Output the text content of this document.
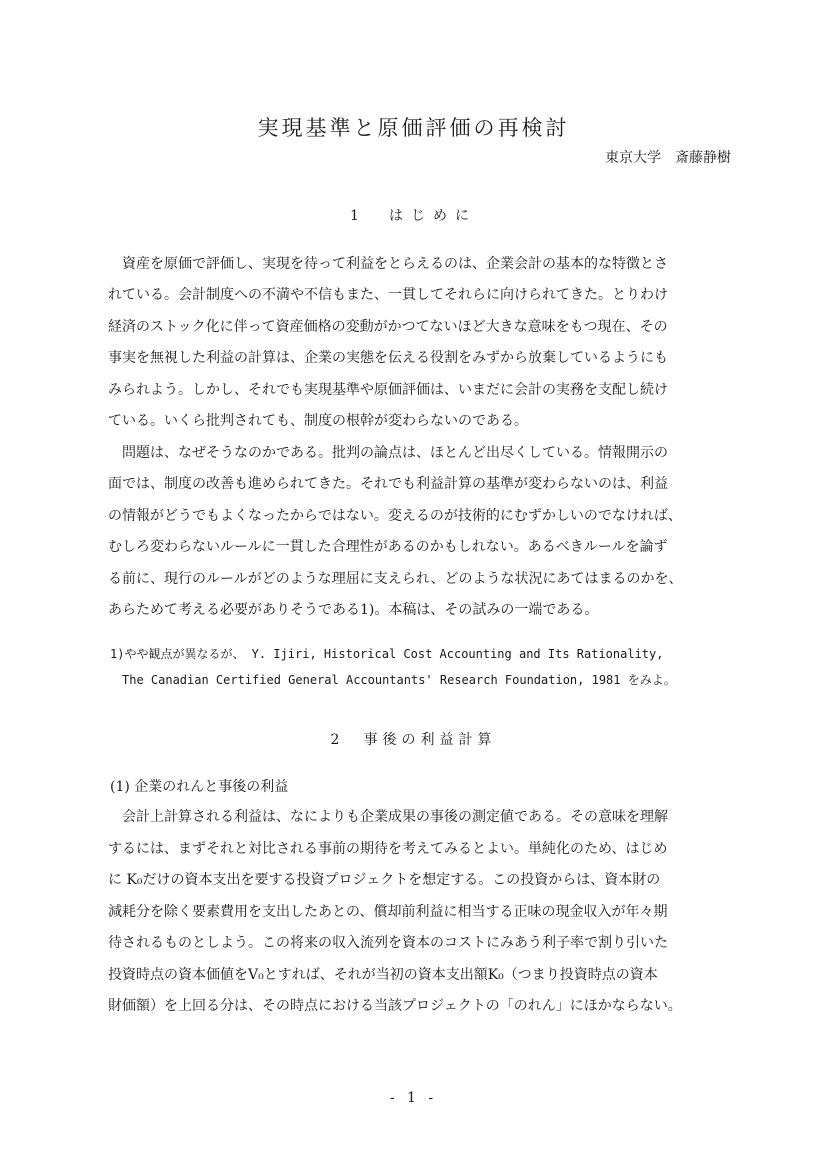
実現基準と原価評価の再検討
東京大学　斎藤静樹
1　はじめに
　資産を原価で評価し、実現を待って利益をとらえるのは、企業会計の基本的な特徴とさ
れている。会計制度への不満や不信もまた、一貫してそれらに向けられてきた。とりわけ
経済のストック化に伴って資産価格の変動がかつてないほど大きな意味をもつ現在、その
事実を無視した利益の計算は、企業の実態を伝える役割をみずから放棄しているようにも
みられよう。しかし、それでも実現基準や原価評価は、いまだに会計の実務を支配し続け
ている。いくら批判されても、制度の根幹が変わらないのである。
　問題は、なぜそうなのかである。批判の論点は、ほとんど出尽くしている。情報開示の
面では、制度の改善も進められてきた。それでも利益計算の基準が変わらないのは、利益
の情報がどうでもよくなったからではない。変えるのが技術的にむずかしいのでなければ、
むしろ変わらないルールに一貫した合理性があるのかもしれない。あるべきルールを論ず
る前に、現行のルールがどのような理屈に支えられ、どのような状況にあてはまるのかを、
あらためて考える必要がありそうである1)。本稿は、その試みの一端である。
1)やや観点が異なるが、 Y. Ijiri, Historical Cost Accounting and Its Rationality,
　The Canadian Certified General Accountants' Research Foundation, 1981 をみよ。
2　事後の利益計算
(1) 企業のれんと事後の利益
　会計上計算される利益は、なによりも企業成果の事後の測定値である。その意味を理解
するには、まずそれと対比される事前の期待を考えてみるとよい。単純化のため、はじめ
に K₀だけの資本支出を要する投資プロジェクトを想定する。この投資からは、資本財の
減耗分を除く要素費用を支出したあとの、償却前利益に相当する正味の現金収入が年々期
待されるものとしよう。この将来の収入流列を資本のコストにみあう利子率で割り引いた
投資時点の資本価値をV₀とすれば、それが当初の資本支出額K₀（つまり投資時点の資本
財価額）を上回る分は、その時点における当該プロジェクトの「のれん」にほかならない。
- 1 -
